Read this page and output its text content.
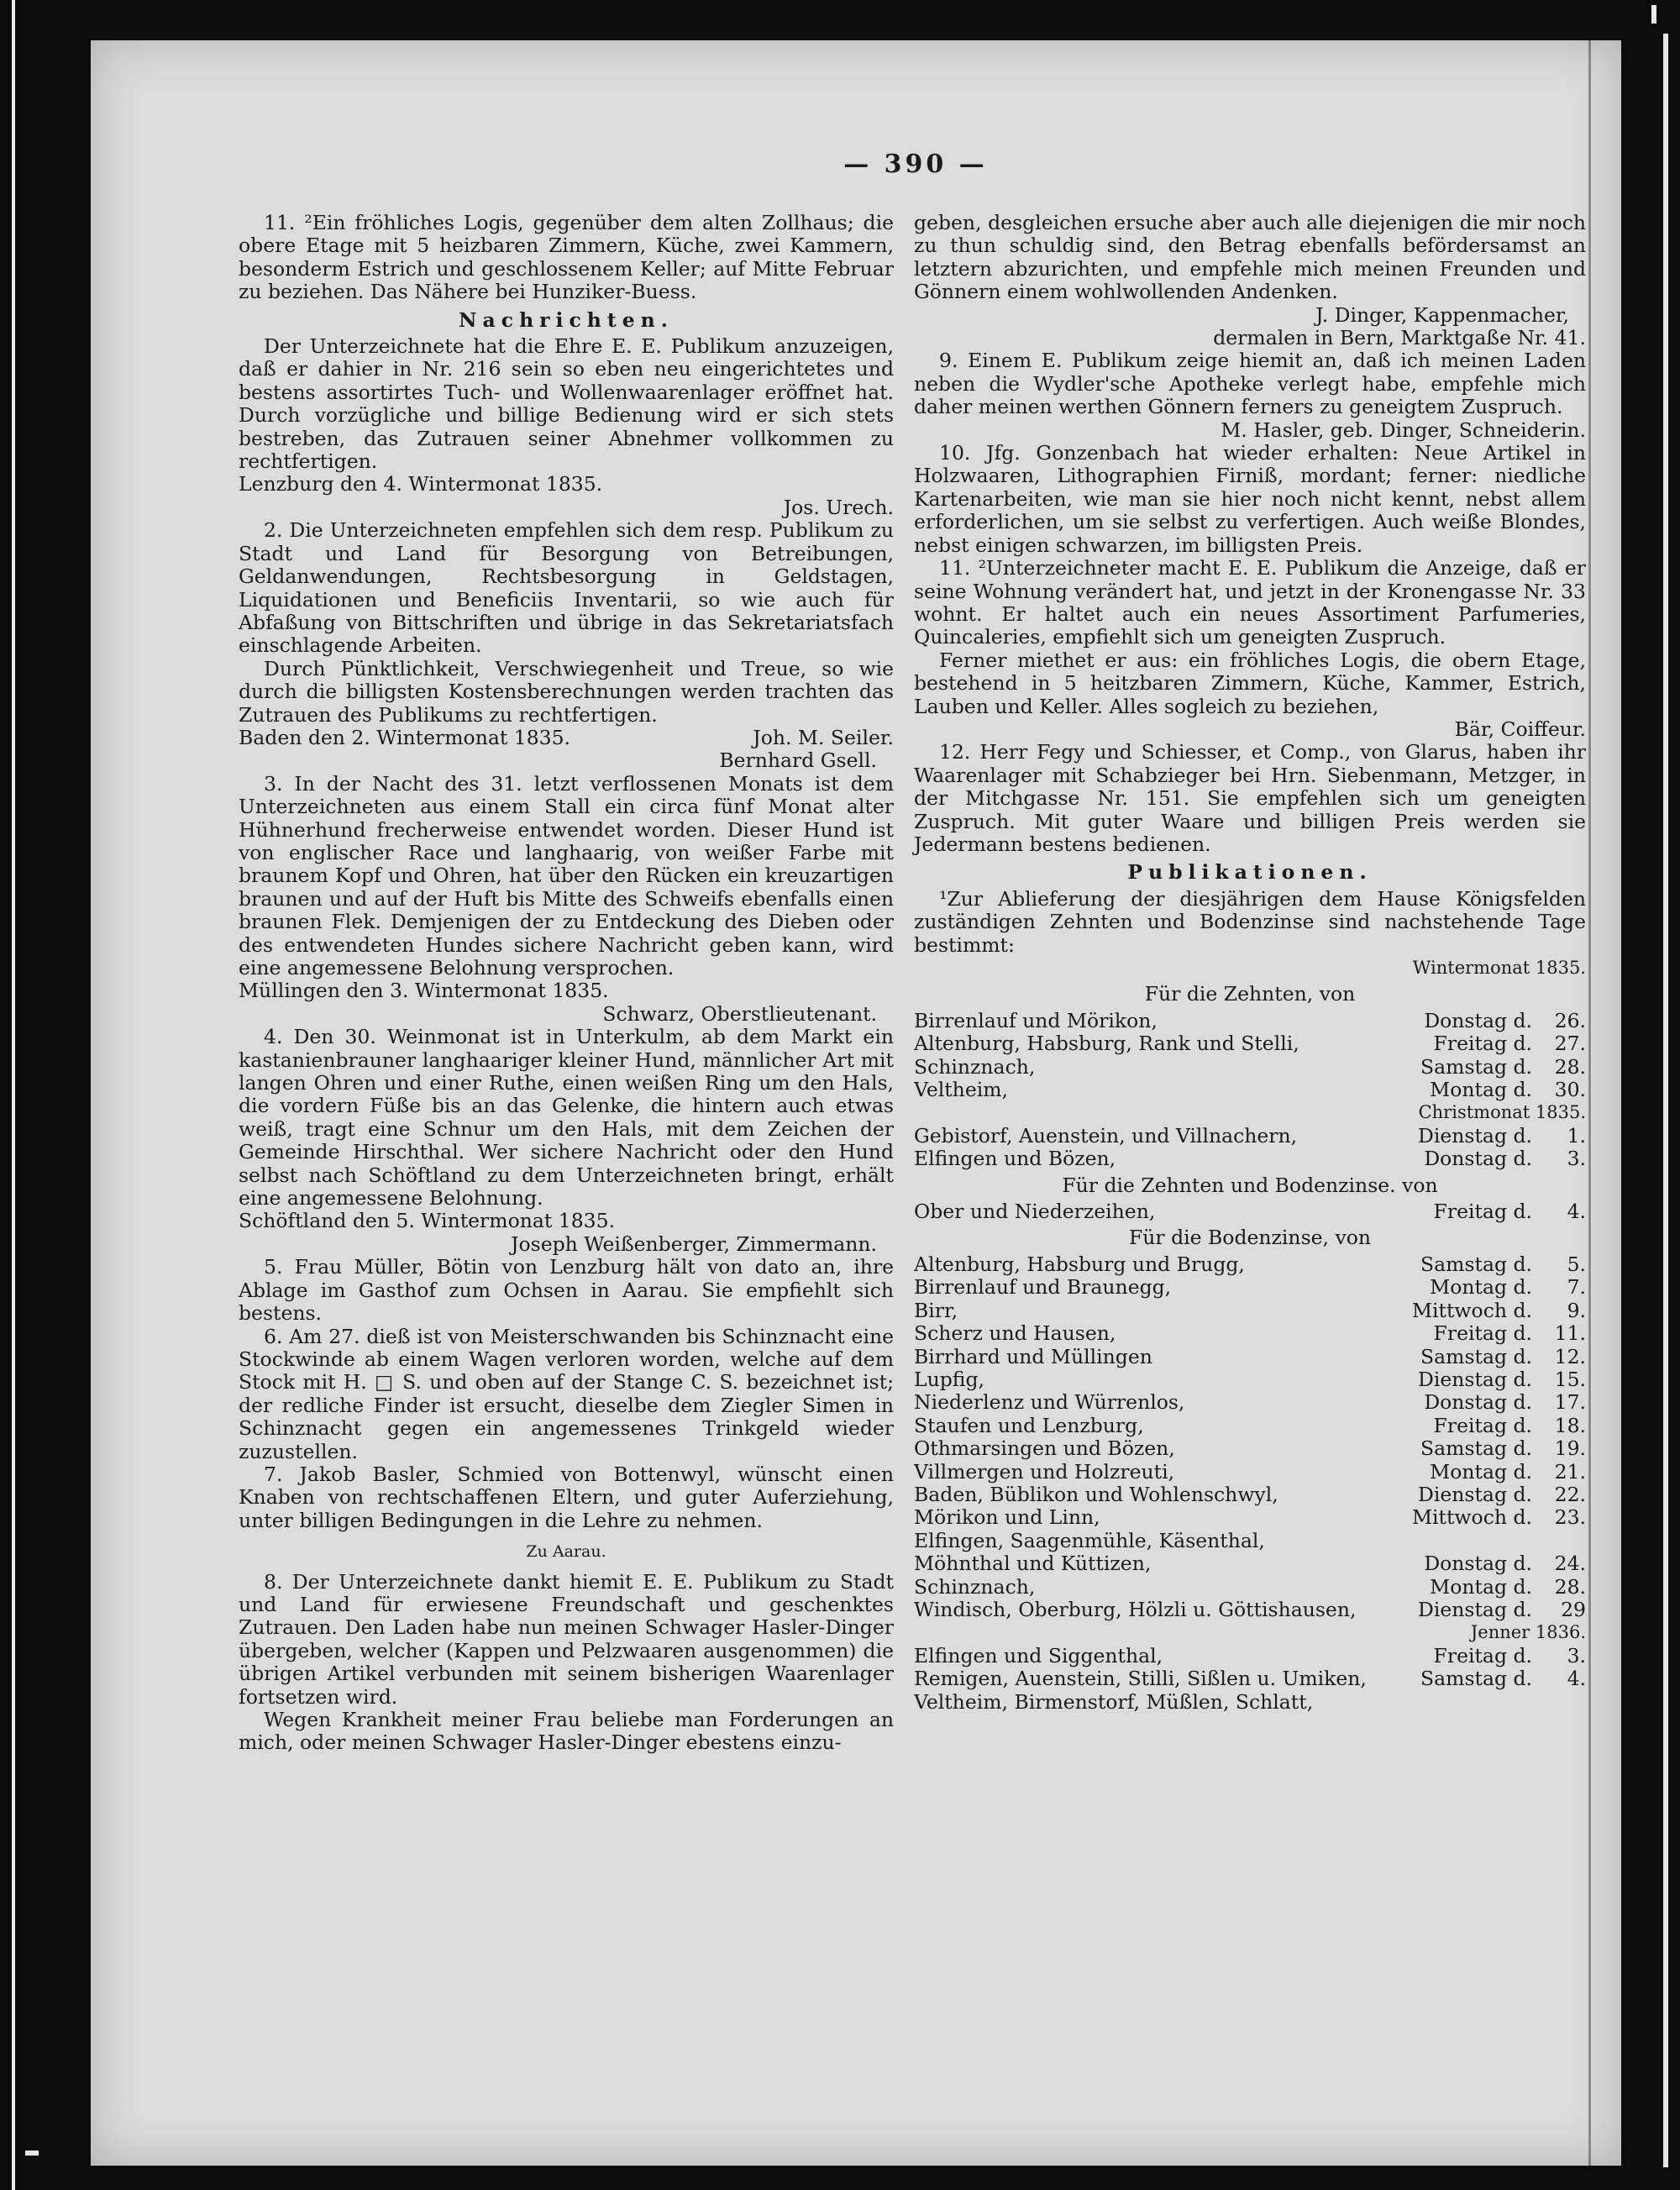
— 390 —

11. ²Ein fröhliches Logis, gegenüber dem alten Zollhaus; die obere Etage mit 5 heizbaren Zimmern, Küche, zwei Kammern, besonderm Estrich und geschlossenem Keller; auf Mitte Februar zu beziehen. Das Nähere bei Hunziker-Buess.

Nachrichten.

Der Unterzeichnete hat die Ehre E. E. Publikum anzuzeigen, daß er dahier in Nr. 216 sein so eben neu eingerichtetes und bestens assortirtes Tuch- und Wollenwaarenlager eröffnet hat. Durch vorzügliche und billige Bedienung wird er sich stets bestreben, das Zutrauen seiner Abnehmer vollkommen zu rechtfertigen.

Lenzburg den 4. Wintermonat 1835.

Jos. Urech.

2. Die Unterzeichneten empfehlen sich dem resp. Publikum zu Stadt und Land für Besorgung von Betreibungen, Geldanwendungen, Rechtsbesorgung in Geldstagen, Liquidationen und Beneficiis Inventarii, so wie auch für Abfaßung von Bittschriften und übrige in das Sekretariatsfach einschlagende Arbeiten.

Durch Pünktlichkeit, Verschwiegenheit und Treue, so wie durch die billigsten Kostensberechnungen werden trachten das Zutrauen des Publikums zu rechtfertigen.

Baden den 2. Wintermonat 1835.	Joh. M. Seiler.

Bernhard Gsell.

3. In der Nacht des 31. letzt verflossenen Monats ist dem Unterzeichneten aus einem Stall ein circa fünf Monat alter Hühnerhund frecherweise entwendet worden. Dieser Hund ist von englischer Race und langhaarig, von weißer Farbe mit braunem Kopf und Ohren, hat über den Rücken ein kreuzartigen braunen und auf der Huft bis Mitte des Schweifs ebenfalls einen braunen Flek. Demjenigen der zu Entdeckung des Dieben oder des entwendeten Hundes sichere Nachricht geben kann, wird eine angemessene Belohnung versprochen.

Müllingen den 3. Wintermonat 1835.

Schwarz, Oberstlieutenant.

4. Den 30. Weinmonat ist in Unterkulm, ab dem Markt ein kastanienbrauner langhaariger kleiner Hund, männlicher Art mit langen Ohren und einer Ruthe, einen weißen Ring um den Hals, die vordern Füße bis an das Gelenke, die hintern auch etwas weiß, tragt eine Schnur um den Hals, mit dem Zeichen der Gemeinde Hirschthal. Wer sichere Nachricht oder den Hund selbst nach Schöftland zu dem Unterzeichneten bringt, erhält eine angemessene Belohnung.

Schöftland den 5. Wintermonat 1835.

Joseph Weißenberger, Zimmermann.

5. Frau Müller, Bötin von Lenzburg hält von dato an, ihre Ablage im Gasthof zum Ochsen in Aarau. Sie empfiehlt sich bestens.

6. Am 27. dieß ist von Meisterschwanden bis Schinznacht eine Stockwinde ab einem Wagen verloren worden, welche auf dem Stock mit H. □ S. und oben auf der Stange C. S. bezeichnet ist; der redliche Finder ist ersucht, dieselbe dem Ziegler Simen in Schinznacht gegen ein angemessenes Trinkgeld wieder zuzustellen.

7. Jakob Basler, Schmied von Bottenwyl, wünscht einen Knaben von rechtschaffenen Eltern, und guter Auferziehung, unter billigen Bedingungen in die Lehre zu nehmen.

Zu Aarau.

8. Der Unterzeichnete dankt hiemit E. E. Publikum zu Stadt und Land für erwiesene Freundschaft und geschenktes Zutrauen. Den Laden habe nun meinen Schwager Hasler-Dinger übergeben, welcher (Kappen und Pelzwaaren ausgenommen) die übrigen Artikel verbunden mit seinem bisherigen Waarenlager fortsetzen wird.

Wegen Krankheit meiner Frau beliebe man Forderungen an mich, oder meinen Schwager Hasler-Dinger ebestens einzu-

geben, desgleichen ersuche aber auch alle diejenigen die mir noch zu thun schuldig sind, den Betrag ebenfalls befördersamst an letztern abzurichten, und empfehle mich meinen Freunden und Gönnern einem wohlwollenden Andenken.

J. Dinger, Kappenmacher,

dermalen in Bern, Marktgaße Nr. 41.

9. Einem E. Publikum zeige hiemit an, daß ich meinen Laden neben die Wydler'sche Apotheke verlegt habe, empfehle mich daher meinen werthen Gönnern ferners zu geneigtem Zuspruch.

M. Hasler, geb. Dinger, Schneiderin.

10. Jfg. Gonzenbach hat wieder erhalten: Neue Artikel in Holzwaaren, Lithographien Firniß, mordant; ferner: niedliche Kartenarbeiten, wie man sie hier noch nicht kennt, nebst allem erforderlichen, um sie selbst zu verfertigen. Auch weiße Blondes, nebst einigen schwarzen, im billigsten Preis.

11. ²Unterzeichneter macht E. E. Publikum die Anzeige, daß er seine Wohnung verändert hat, und jetzt in der Kronengasse Nr. 33 wohnt. Er haltet auch ein neues Assortiment Parfumeries, Quincaleries, empfiehlt sich um geneigten Zuspruch.

Ferner miethet er aus: ein fröhliches Logis, die obern Etage, bestehend in 5 heitzbaren Zimmern, Küche, Kammer, Estrich, Lauben und Keller. Alles sogleich zu beziehen,

Bär, Coiffeur.

12. Herr Fegy und Schiesser, et Comp., von Glarus, haben ihr Waarenlager mit Schabzieger bei Hrn. Siebenmann, Metzger, in der Mitchgasse Nr. 151. Sie empfehlen sich um geneigten Zuspruch. Mit guter Waare und billigen Preis werden sie Jedermann bestens bedienen.

Publikationen.

¹Zur Ablieferung der diesjährigen dem Hause Königsfelden zuständigen Zehnten und Bodenzinse sind nachstehende Tage bestimmt:

Wintermonat 1835.

Für die Zehnten, von

Birrenlauf und Mörikon,	Donstag d.	26.
Altenburg, Habsburg, Rank und Stelli,	Freitag d.	27.
Schinznach,	Samstag d.	28.
Veltheim,	Montag d.	30.

Christmonat 1835.

Gebistorf, Auenstein, und Villnachern,	Dienstag d.	1.
Elfingen und Bözen,	Donstag d.	3.

Für die Zehnten und Bodenzinse. von

Ober und Niederzeihen,	Freitag d.	4.

Für die Bodenzinse, von

Altenburg, Habsburg und Brugg,	Samstag d.	5.
Birrenlauf und Braunegg,	Montag d.	7.
Birr,	Mittwoch d.	9.
Scherz und Hausen,	Freitag d.	11.
Birrhard und Müllingen	Samstag d.	12.
Lupfig,	Dienstag d.	15.
Niederlenz und Würrenlos,	Donstag d.	17.
Staufen und Lenzburg,	Freitag d.	18.
Othmarsingen und Bözen,	Samstag d.	19.
Villmergen und Holzreuti,	Montag d.	21.
Baden, Büblikon und Wohlenschwyl,	Dienstag d.	22.
Mörikon und Linn,	Mittwoch d.	23.
Elfingen, Saagenmühle, Käsenthal,
Möhnthal und Küttizen,	Donstag d.	24.
Schinznach,	Montag d.	28.
Windisch, Oberburg, Hölzli u. Göttishausen,	Dienstag d.	29

Jenner 1836.

Elfingen und Siggenthal,	Freitag d.	3.
Remigen, Auenstein, Stilli, Sißlen u. Umiken,	Samstag d.	4.
Veltheim, Birmenstorf, Müßlen, Schlatt,
